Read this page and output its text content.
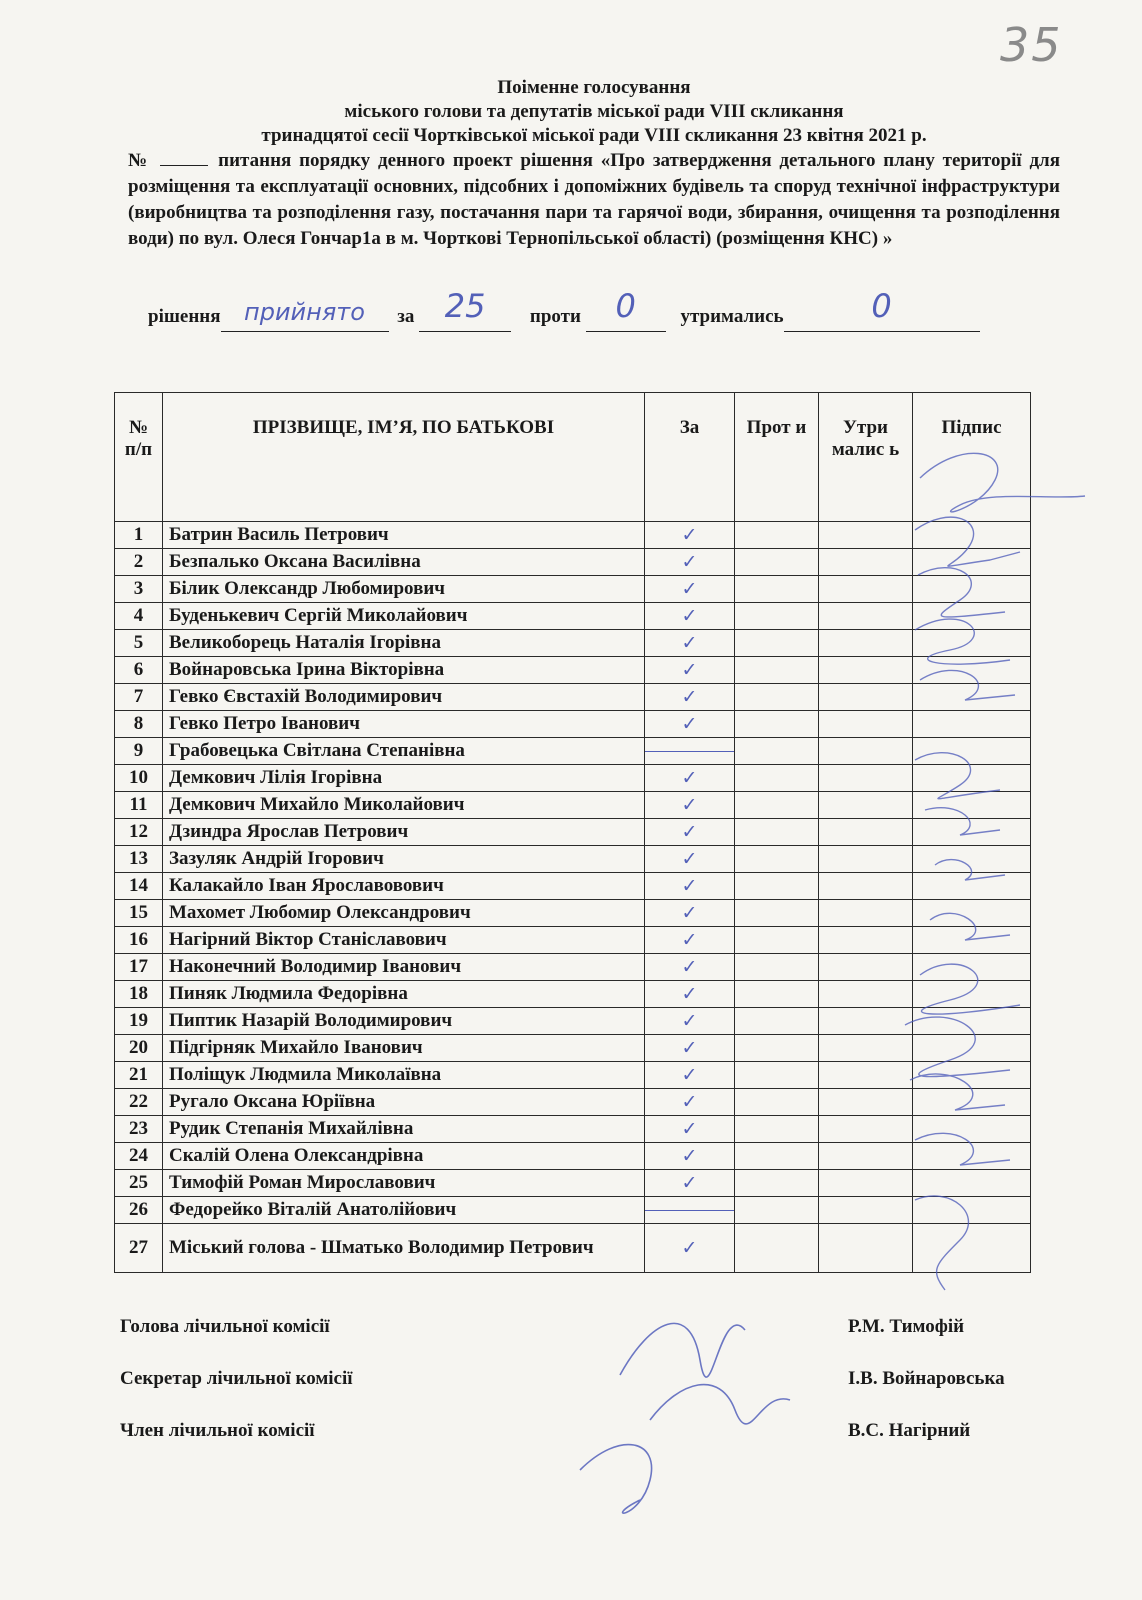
35
Поіменне голосування
міського голови та депутатів міської ради VIII скликання
тринадцятої сесії Чортківської міської ради VIII скликання 23 квітня 2021 р.
№	питання порядку денного проект рішення «Про затвердження детального плану території для розміщення та експлуатації основних, підсобних і допоміжних будівель та споруд технічної інфраструктури (виробництва та розподілення газу, постачання пари та гарячої води, збирання, очищення та розподілення води) по вул. Олеся Гончар1а в м. Чорткові Тернопільської області) (розміщення КНС) »
рішення прийнято	за 25	проти	0	утримались	0
№ п/п	ПРІЗВИЩЕ, ІМ’Я, ПО БАТЬКОВІ	За	Прот и	Утри малис ь	Підпис
1	Батрин Василь Петрович	✓			
2	Безпалько Оксана Василівна	✓			
3	Білик Олександр Любомирович	✓			
4	Буденькевич Сергій Миколайович	✓			
5	Великоборець Наталія Ігорівна	✓			
6	Войнаровська Ірина Вікторівна	✓			
7	Гевко Євстахій Володимирович	✓			
8	Гевко Петро Іванович	✓			
9	Грабовецька Світлана Степанівна	

10	Демкович Лілія Ігорівна	✓			
11	Демкович Михайло Миколайович	✓			
12	Дзиндра Ярослав Петрович	✓			
13	Зазуляк Андрій Ігорович	✓			
14	Калакайло Іван Ярославовович	✓			
15	Махомет Любомир Олександрович	✓			
16	Нагірний Віктор Станіславович	✓			
17	Наконечний Володимир Іванович	✓			
18	Пиняк Людмила Федорівна	✓			
19	Пиптик Назарій Володимирович	✓			
20	Підгірняк Михайло Іванович	✓			
21	Поліщук Людмила Миколаївна	✓			
22	Ругало Оксана Юріївна	✓			
23	Рудик Степанія Михайлівна	✓			
24	Скалій Олена Олександрівна	✓			
25	Тимофій Роман Мирославович	✓			
26	Федорейко Віталій Анатолійович	

27	Міський голова - Шматько Володимир Петрович	✓			
Голова лічильної комісії	Р.М. Тимофій
Секретар лічильної комісії	І.В. Войнаровська
Член лічильної комісії	В.С. Нагірний
